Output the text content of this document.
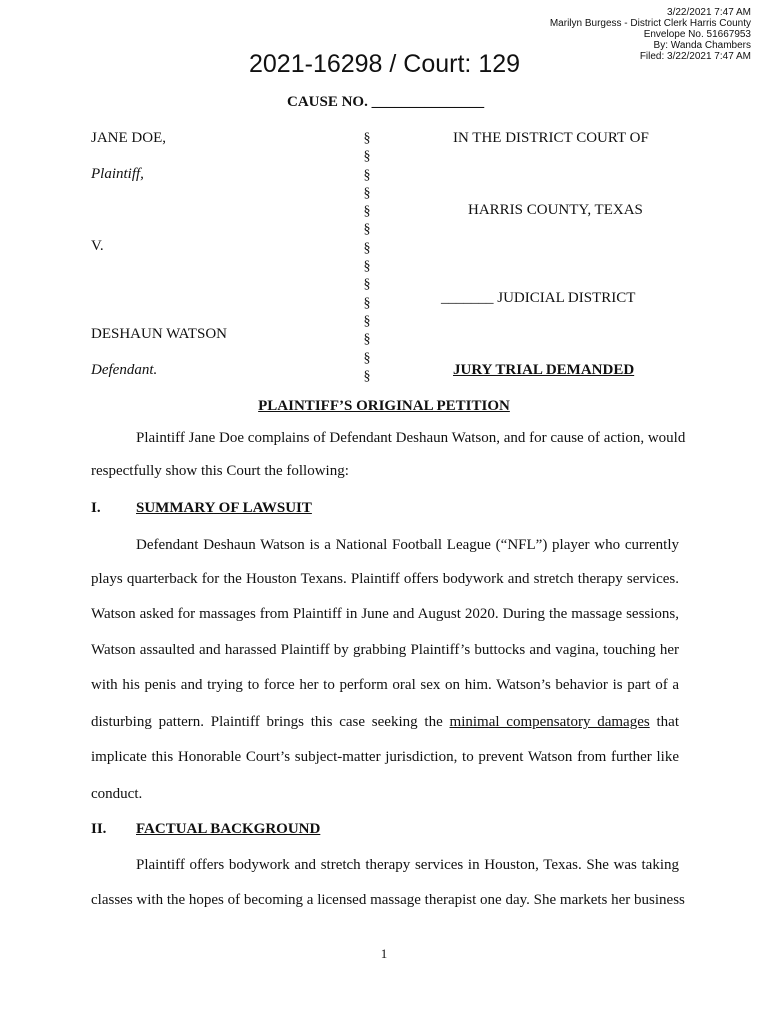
3/22/2021 7:47 AM
Marilyn Burgess - District Clerk Harris County
Envelope No. 51667953
By: Wanda Chambers
Filed: 3/22/2021 7:47 AM
2021-16298 / Court: 129
CAUSE NO. _______________
JANE DOE,
Plaintiff,
V.
DESHAUN WATSON
Defendant.
§
§
§
§
§
§
§
§
§
§
§
§
§
§
IN THE DISTRICT COURT OF
HARRIS COUNTY, TEXAS
_______ JUDICIAL DISTRICT
JURY TRIAL DEMANDED
PLAINTIFF’S ORIGINAL PETITION
Plaintiff Jane Doe complains of Defendant Deshaun Watson, and for cause of action, would
respectfully show this Court the following:
I. SUMMARY OF LAWSUIT
Defendant Deshaun Watson is a National Football League (“NFL”) player who currently
plays quarterback for the Houston Texans. Plaintiff offers bodywork and stretch therapy services.
Watson asked for massages from Plaintiff in June and August 2020. During the massage sessions,
Watson assaulted and harassed Plaintiff by grabbing Plaintiff’s buttocks and vagina, touching her
with his penis and trying to force her to perform oral sex on him. Watson’s behavior is part of a
disturbing pattern. Plaintiff brings this case seeking the minimal compensatory damages that
implicate this Honorable Court’s subject-matter jurisdiction, to prevent Watson from further like
conduct.
II. FACTUAL BACKGROUND
Plaintiff offers bodywork and stretch therapy services in Houston, Texas. She was taking
classes with the hopes of becoming a licensed massage therapist one day. She markets her business
1
